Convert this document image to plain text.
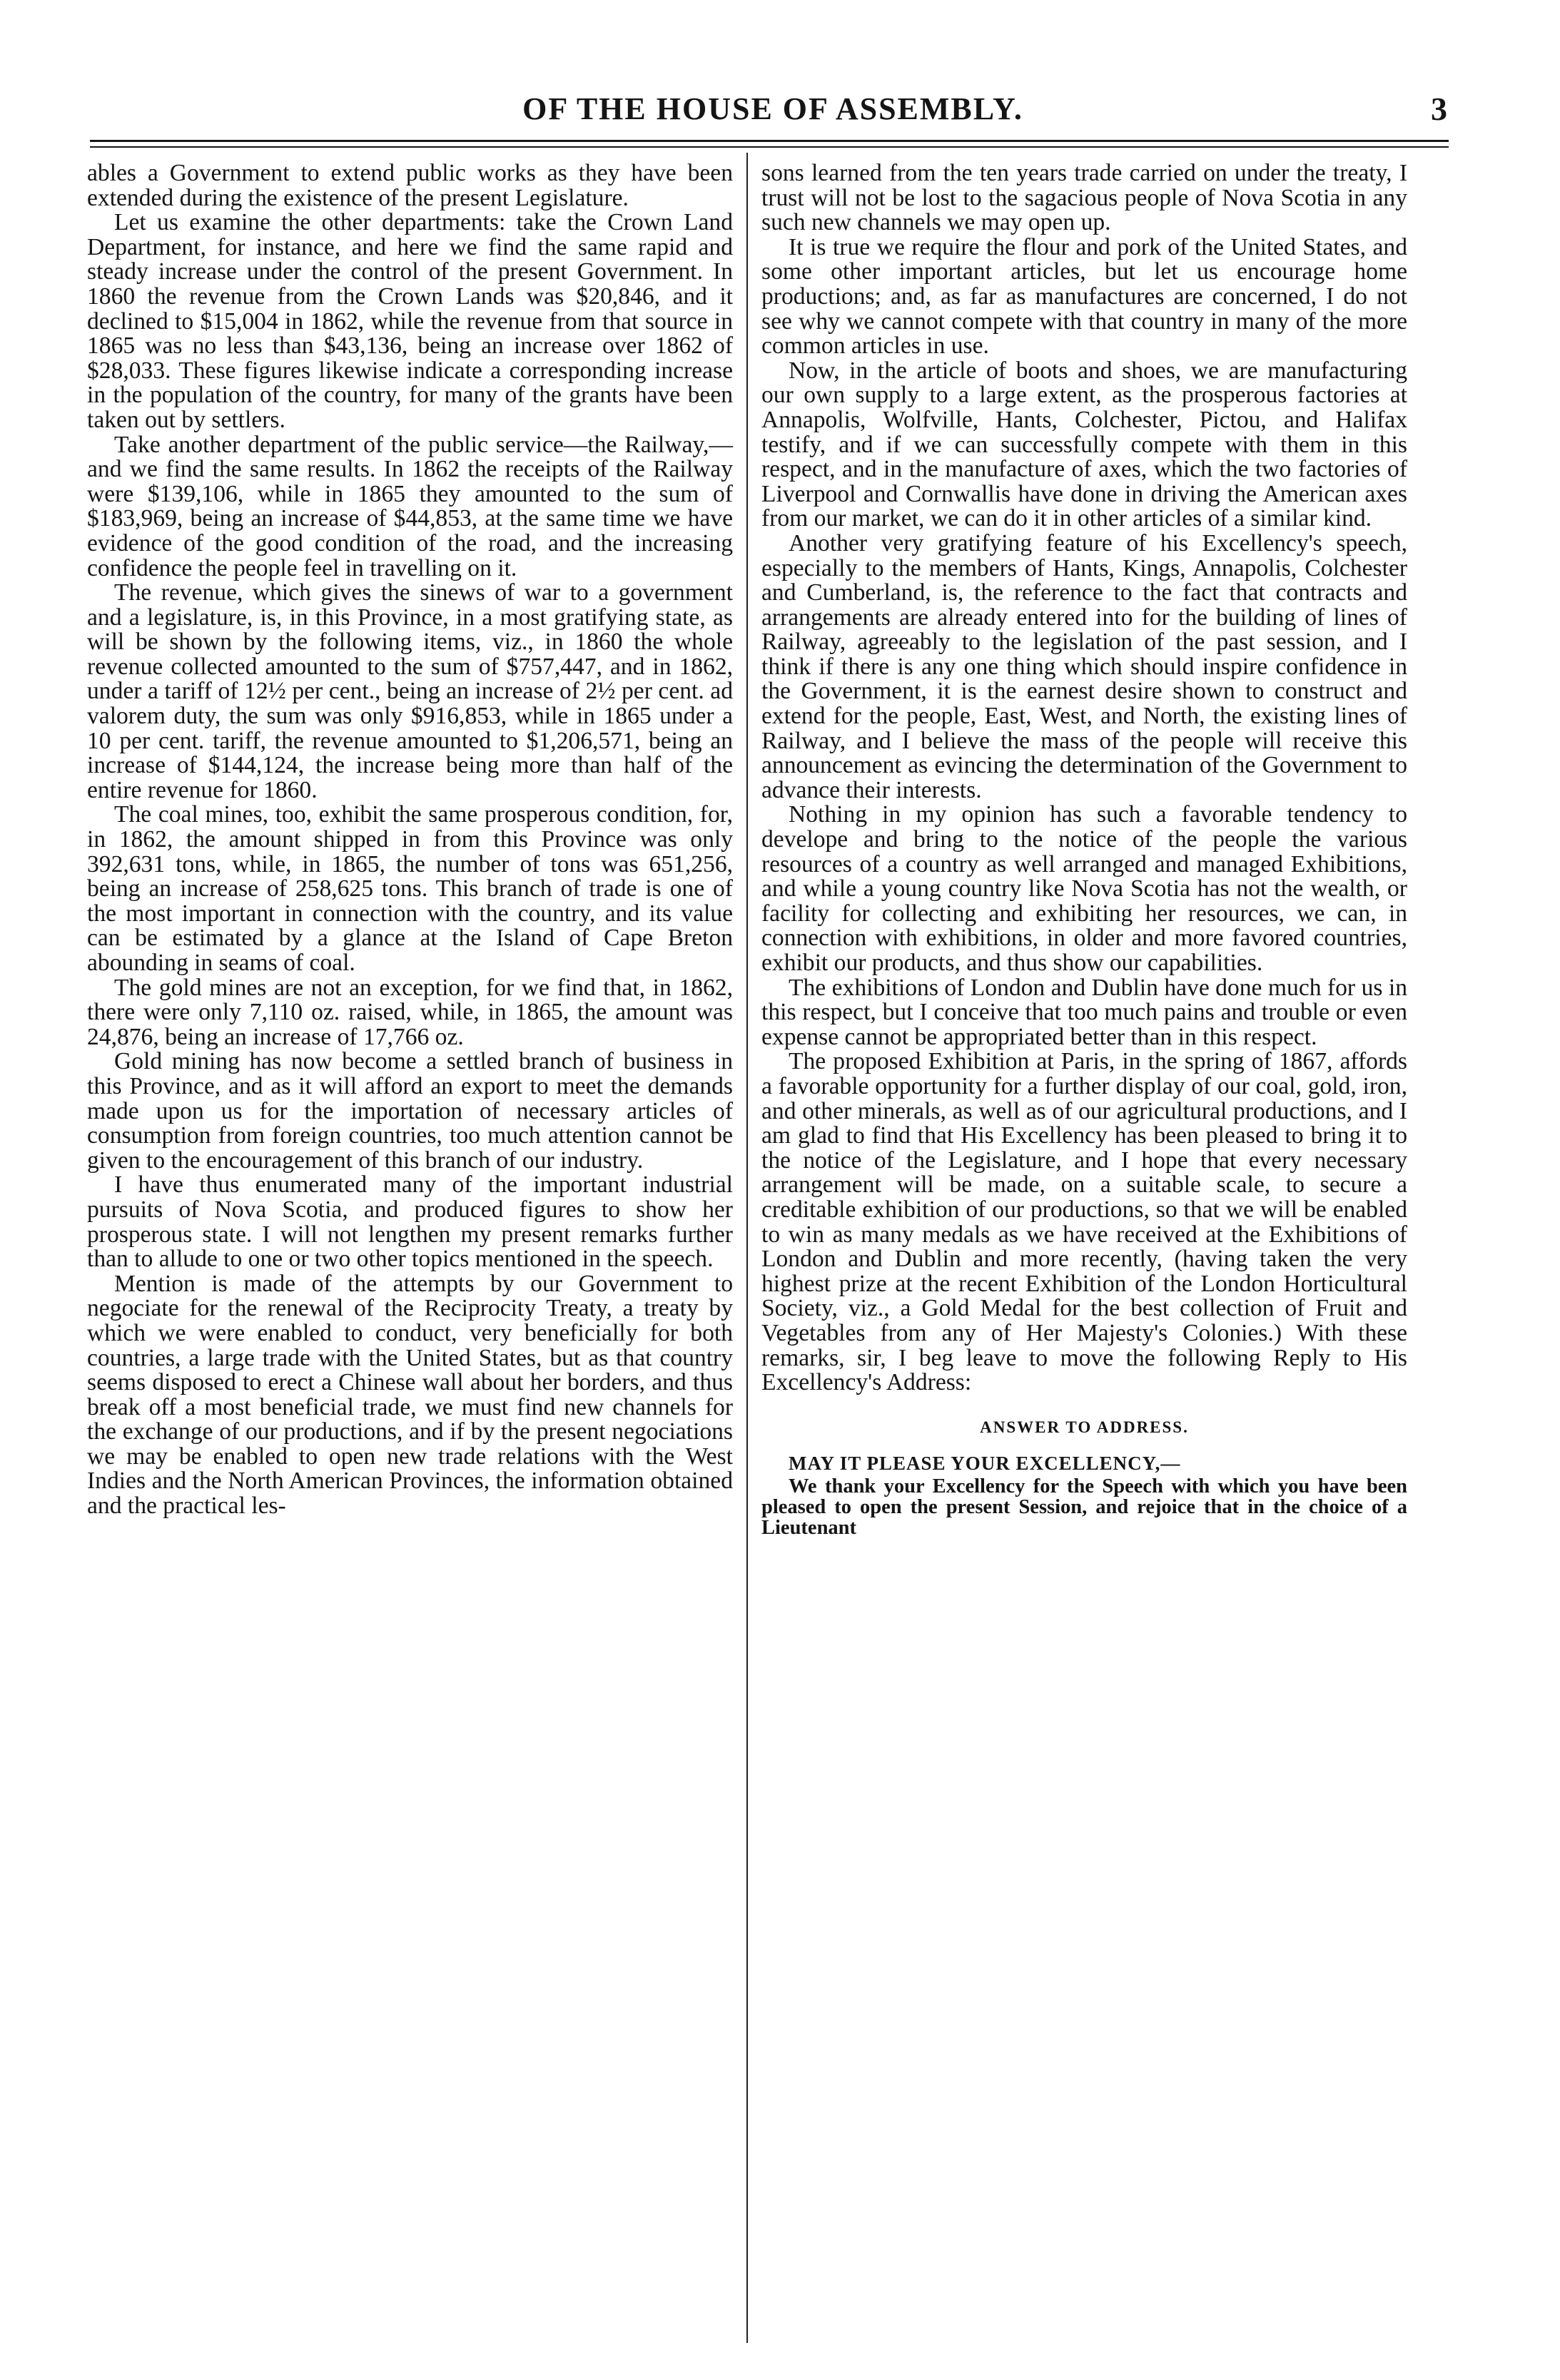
OF THE HOUSE OF ASSEMBLY.	3

ables a Government to extend public works as they have been extended during the existence of the present Legislature.

Let us examine the other departments: take the Crown Land Department, for instance, and here we find the same rapid and steady increase under the control of the present Government. In 1860 the revenue from the Crown Lands was $20,846, and it declined to $15,004 in 1862, while the revenue from that source in 1865 was no less than $43,136, being an increase over 1862 of $28,033. These figures likewise indicate a corresponding increase in the population of the country, for many of the grants have been taken out by settlers.

Take another department of the public service—the Railway,—and we find the same results. In 1862 the receipts of the Railway were $139,106, while in 1865 they amounted to the sum of $183,969, being an increase of $44,853, at the same time we have evidence of the good condition of the road, and the increasing confidence the people feel in travelling on it.

The revenue, which gives the sinews of war to a government and a legislature, is, in this Province, in a most gratifying state, as will be shown by the following items, viz., in 1860 the whole revenue collected amounted to the sum of $757,447, and in 1862, under a tariff of 12½ per cent., being an increase of 2½ per cent. ad valorem duty, the sum was only $916,853, while in 1865 under a 10 per cent. tariff, the revenue amounted to $1,206,571, being an increase of $144,124, the increase being more than half of the entire revenue for 1860.

The coal mines, too, exhibit the same prosperous condition, for, in 1862, the amount shipped in from this Province was only 392,631 tons, while, in 1865, the number of tons was 651,256, being an increase of 258,625 tons. This branch of trade is one of the most important in connection with the country, and its value can be estimated by a glance at the Island of Cape Breton abounding in seams of coal.

The gold mines are not an exception, for we find that, in 1862, there were only 7,110 oz. raised, while, in 1865, the amount was 24,876, being an increase of 17,766 oz.

Gold mining has now become a settled branch of business in this Province, and as it will afford an export to meet the demands made upon us for the importation of necessary articles of consumption from foreign countries, too much attention cannot be given to the encouragement of this branch of our industry.

I have thus enumerated many of the important industrial pursuits of Nova Scotia, and produced figures to show her prosperous state. I will not lengthen my present remarks further than to allude to one or two other topics mentioned in the speech.

Mention is made of the attempts by our Government to negociate for the renewal of the Reciprocity Treaty, a treaty by which we were enabled to conduct, very beneficially for both countries, a large trade with the United States, but as that country seems disposed to erect a Chinese wall about her borders, and thus break off a most beneficial trade, we must find new channels for the exchange of our productions, and if by the present negociations we may be enabled to open new trade relations with the West Indies and the North American Provinces, the information obtained and the practical les-

sons learned from the ten years trade carried on under the treaty, I trust will not be lost to the sagacious people of Nova Scotia in any such new channels we may open up.

It is true we require the flour and pork of the United States, and some other important articles, but let us encourage home productions; and, as far as manufactures are concerned, I do not see why we cannot compete with that country in many of the more common articles in use.

Now, in the article of boots and shoes, we are manufacturing our own supply to a large extent, as the prosperous factories at Annapolis, Wolfville, Hants, Colchester, Pictou, and Halifax testify, and if we can successfully compete with them in this respect, and in the manufacture of axes, which the two factories of Liverpool and Cornwallis have done in driving the American axes from our market, we can do it in other articles of a similar kind.

Another very gratifying feature of his Excellency's speech, especially to the members of Hants, Kings, Annapolis, Colchester and Cumberland, is, the reference to the fact that contracts and arrangements are already entered into for the building of lines of Railway, agreeably to the legislation of the past session, and I think if there is any one thing which should inspire confidence in the Government, it is the earnest desire shown to construct and extend for the people, East, West, and North, the existing lines of Railway, and I believe the mass of the people will receive this announcement as evincing the determination of the Government to advance their interests.

Nothing in my opinion has such a favorable tendency to develope and bring to the notice of the people the various resources of a country as well arranged and managed Exhibitions, and while a young country like Nova Scotia has not the wealth, or facility for collecting and exhibiting her resources, we can, in connection with exhibitions, in older and more favored countries, exhibit our products, and thus show our capabilities.

The exhibitions of London and Dublin have done much for us in this respect, but I conceive that too much pains and trouble or even expense cannot be appropriated better than in this respect.

The proposed Exhibition at Paris, in the spring of 1867, affords a favorable opportunity for a further display of our coal, gold, iron, and other minerals, as well as of our agricultural productions, and I am glad to find that His Excellency has been pleased to bring it to the notice of the Legislature, and I hope that every necessary arrangement will be made, on a suitable scale, to secure a creditable exhibition of our productions, so that we will be enabled to win as many medals as we have received at the Exhibitions of London and Dublin and more recently, (having taken the very highest prize at the recent Exhibition of the London Horticultural Society, viz., a Gold Medal for the best collection of Fruit and Vegetables from any of Her Majesty's Colonies.) With these remarks, sir, I beg leave to move the following Reply to His Excellency's Address:

ANSWER TO ADDRESS.

MAY IT PLEASE YOUR EXCELLENCY,—

We thank your Excellency for the Speech with which you have been pleased to open the present Session, and rejoice that in the choice of a Lieutenant
